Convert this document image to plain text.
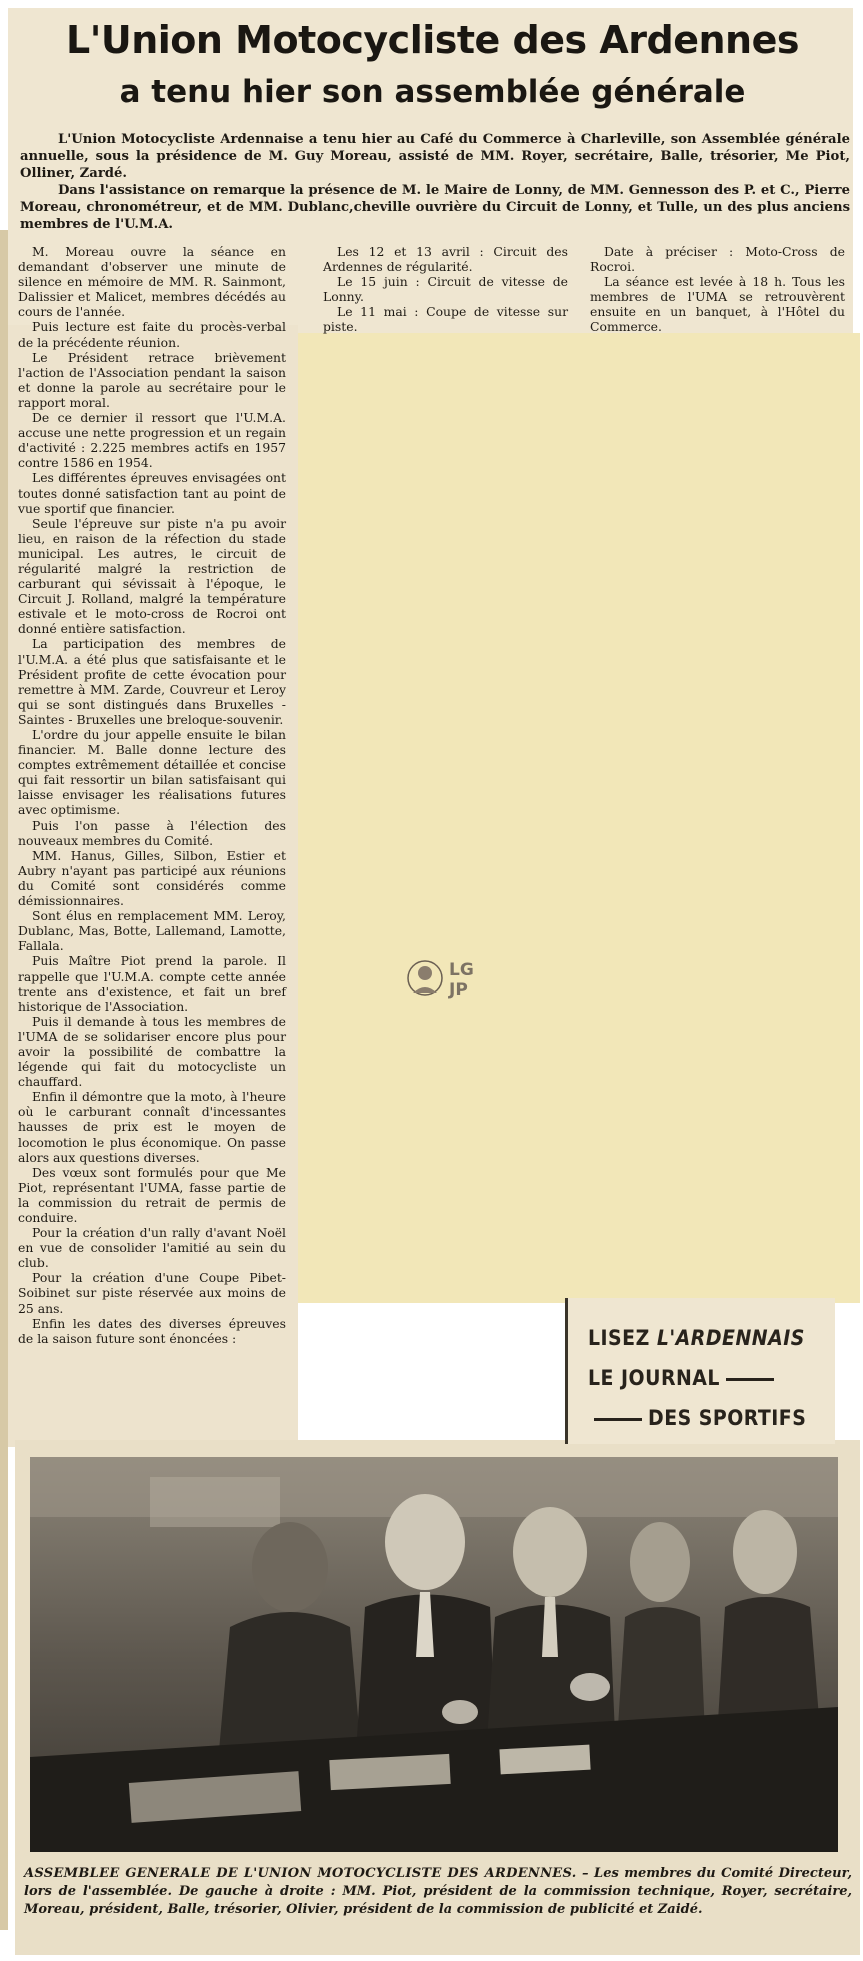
L'Union Motocycliste des Ardennes
a tenu hier son assemblée générale

L'Union Motocycliste Ardennaise a tenu hier au Café du Commerce à Charleville, son Assemblée générale annuelle, sous la présidence de M. Guy Moreau, assisté de MM. Royer, secrétaire, Balle, trésorier, Me Piot, Olliner, Zardé.

Dans l'assistance on remarque la présence de M. le Maire de Lonny, de MM. Gennesson des P. et C., Pierre Moreau, chronométreur, et de MM. Dublanc,cheville ouvrière du Circuit de Lonny, et Tulle, un des plus anciens membres de l'U.M.A.

M. Moreau ouvre la séance en demandant d'observer une minute de silence en mémoire de MM. R. Sainmont, Dalissier et Malicet, membres décédés au cours de l'année.

Puis lecture est faite du procès-verbal de la précédente réunion.

Le Président retrace brièvement l'action de l'Association pendant la saison et donne la parole au secrétaire pour le rapport moral.

De ce dernier il ressort que l'U.M.A. accuse une nette progression et un regain d'activité : 2.225 membres actifs en 1957 contre 1586 en 1954.

Les différentes épreuves envisagées ont toutes donné satisfaction tant au point de vue sportif que financier.

Seule l'épreuve sur piste n'a pu avoir lieu, en raison de la réfection du stade municipal. Les autres, le circuit de régularité malgré la restriction de carburant qui sévissait à l'époque, le Circuit J. Rolland, malgré la température estivale et le moto-cross de Rocroi ont donné entière satisfaction.

La participation des membres de l'U.M.A. a été plus que satisfaisante et le Président profite de cette évocation pour remettre à MM. Zarde, Couvreur et Leroy qui se sont distingués dans Bruxelles - Saintes - Bruxelles une breloque-souvenir.

L'ordre du jour appelle ensuite le bilan financier. M. Balle donne lecture des comptes extrêmement détaillée et concise qui fait ressortir un bilan satisfaisant qui laisse envisager les réalisations futures avec optimisme.

Puis l'on passe à l'élection des nouveaux membres du Comité.

MM. Hanus, Gilles, Silbon, Estier et Aubry n'ayant pas participé aux réunions du Comité sont considérés comme démissionnaires.

Sont élus en remplacement MM. Leroy, Dublanc, Mas, Botte, Lallemand, Lamotte, Fallala.

Puis Maître Piot prend la parole. Il rappelle que l'U.M.A. compte cette année trente ans d'existence, et fait un bref historique de l'Association.

Puis il demande à tous les membres de l'UMA de se solidariser encore plus pour avoir la possibilité de combattre la légende qui fait du motocycliste un chauffard.

Enfin il démontre que la moto, à l'heure où le carburant connaît d'incessantes hausses de prix est le moyen de locomotion le plus économique. On passe alors aux questions diverses.

Des vœux sont formulés pour que Me Piot, représentant l'UMA, fasse partie de la commission du retrait de permis de conduire.

Pour la création d'un rally d'avant Noël en vue de consolider l'amitié au sein du club.

Pour la création d'une Coupe Pibet-Soibinet sur piste réservée aux moins de 25 ans.

Enfin les dates des diverses épreuves de la saison future sont énoncées :

Les 12 et 13 avril : Circuit des Ardennes de régularité.

Le 15 juin : Circuit de vitesse de Lonny.

Le 11 mai : Coupe de vitesse sur piste.

Date à préciser : Moto-Cross de Rocroi.

La séance est levée à 18 h. Tous les membres de l'UMA se retrouvèrent ensuite en un banquet, à l'Hôtel du Commerce.

LG
JP
LISEZ L'ARDENNAIS
LE JOURNAL
DES SPORTIFS
ASSEMBLEE GENERALE DE L'UNION MOTOCYCLISTE DES ARDENNES. – Les membres du Comité Directeur, lors de l'assemblée. De gauche à droite : MM. Piot, président de la commission technique, Royer, secrétaire, Moreau, président, Balle, trésorier, Olivier, président de la commission de publicité et Zaidé.
